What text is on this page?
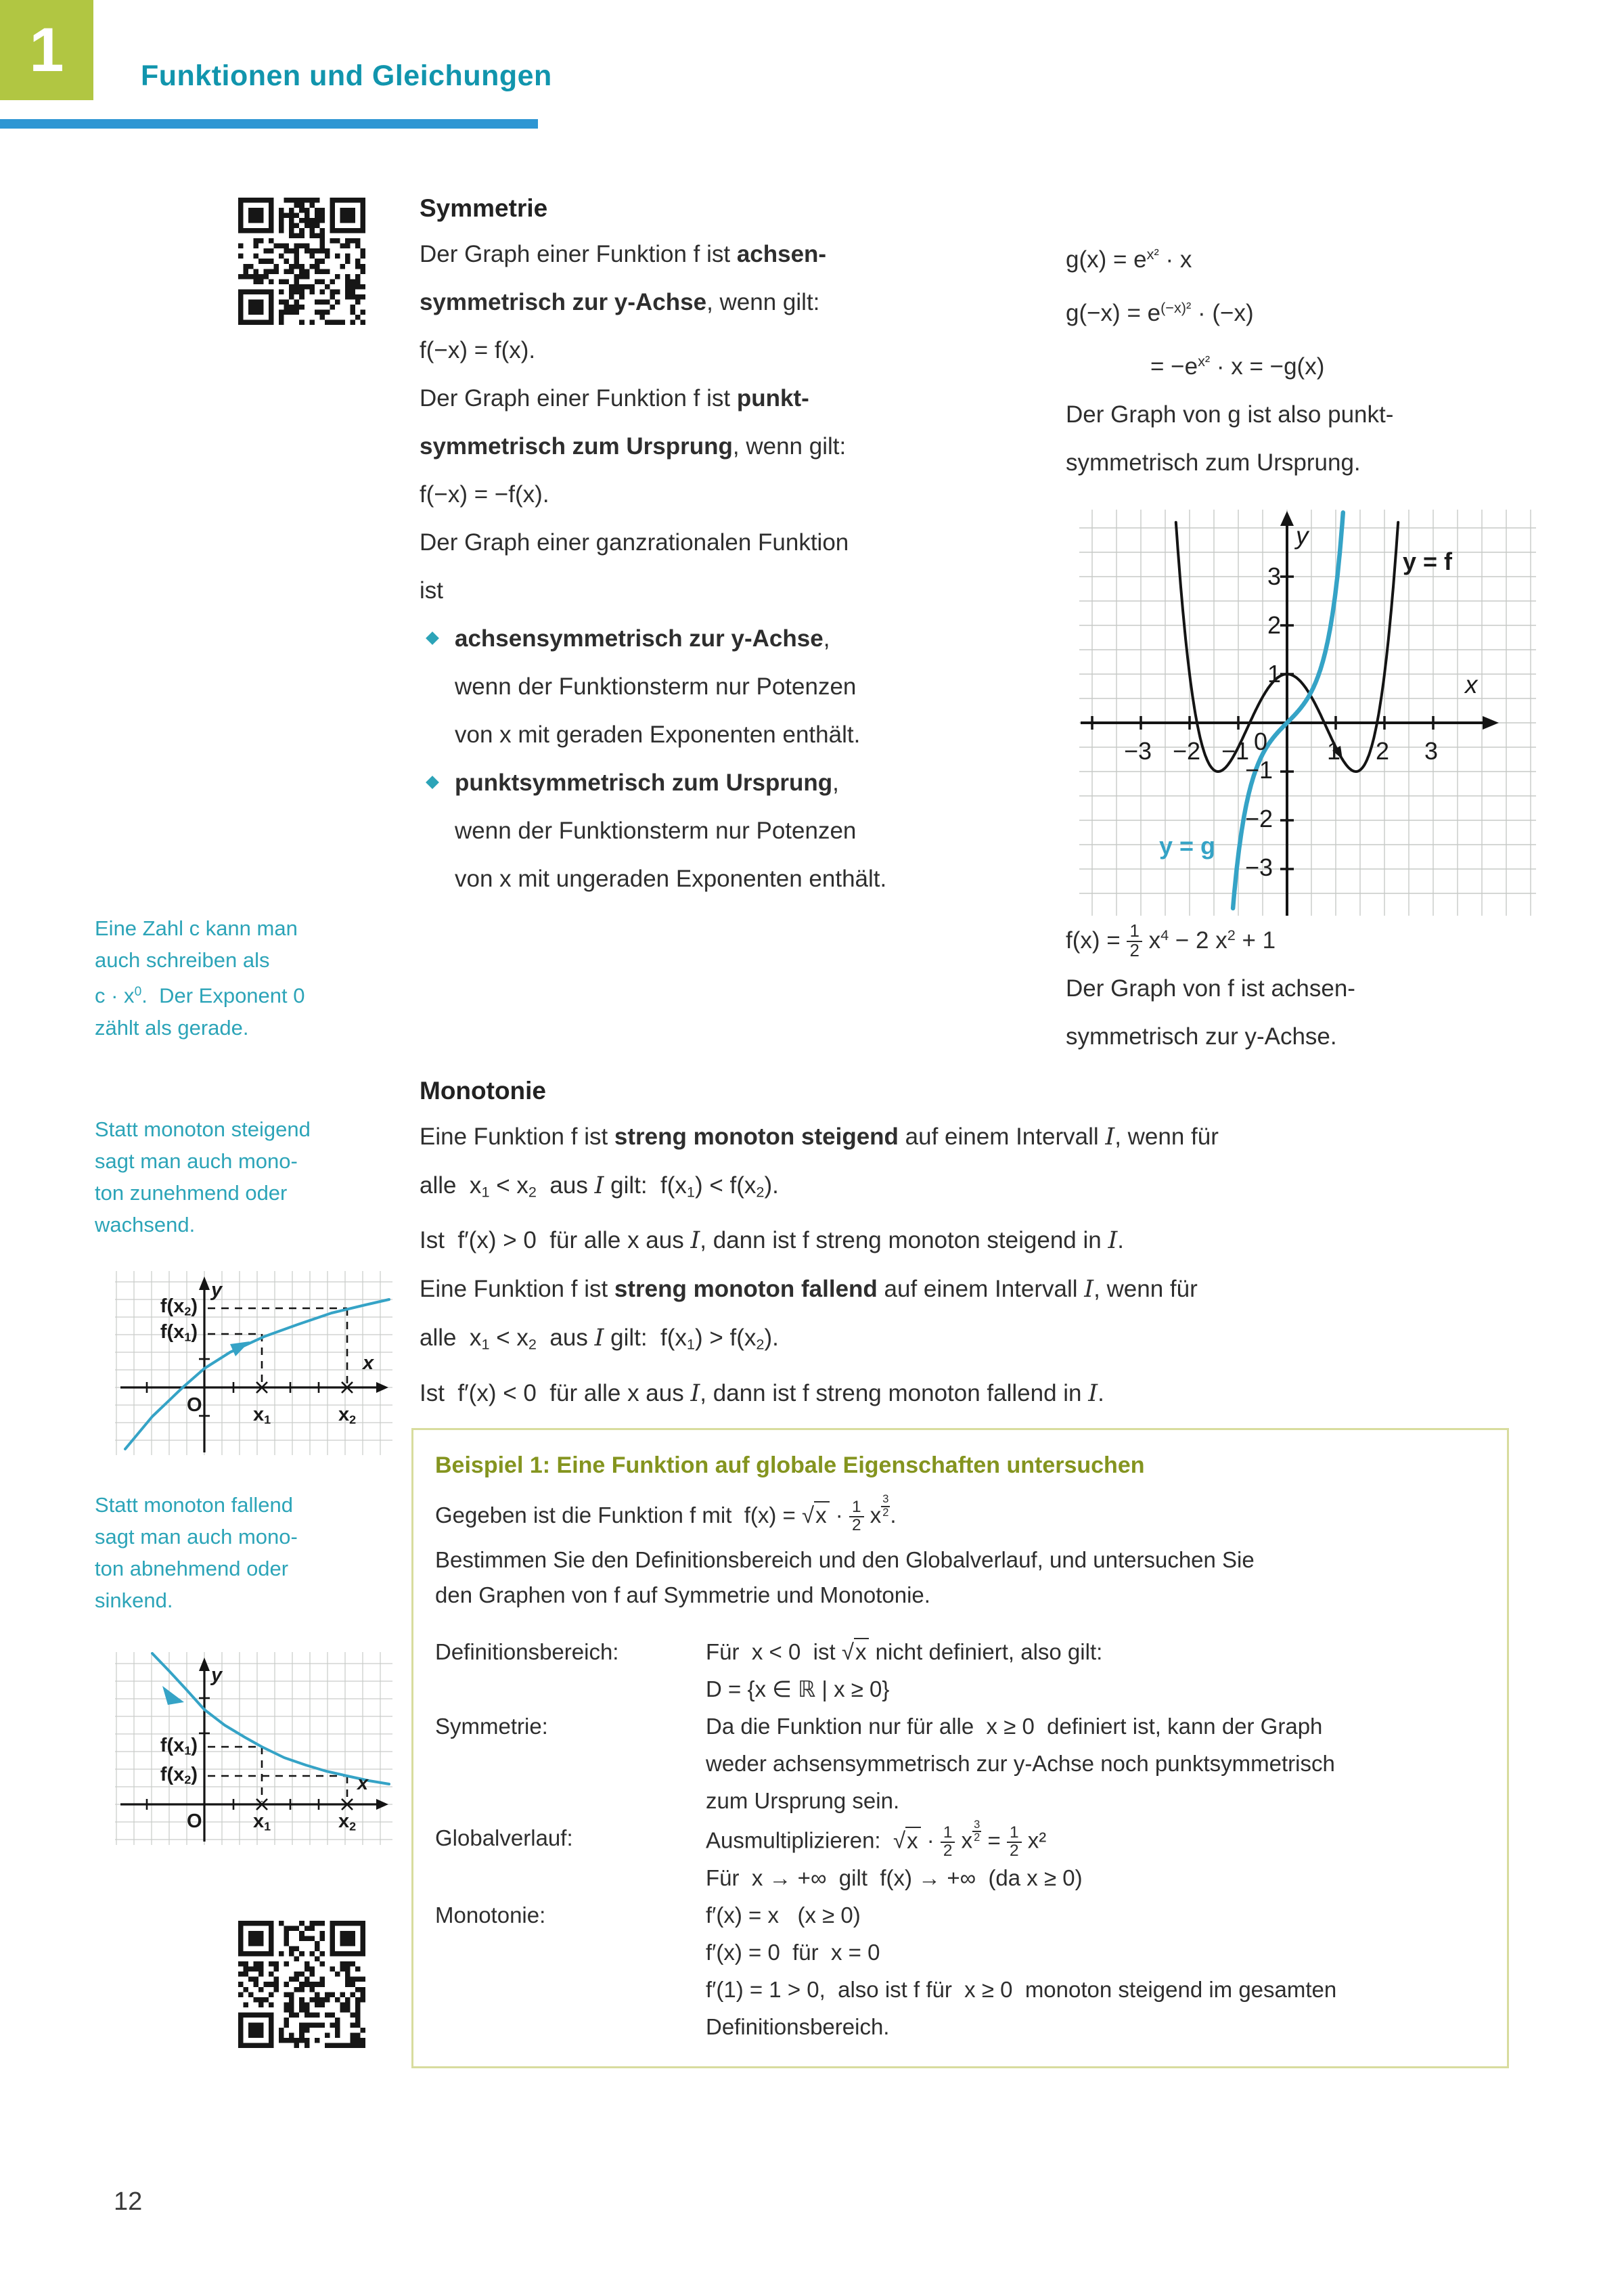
1	Funktionen und Gleichungen
Symmetrie
Der Graph einer Funktion f ist achsen-
symmetrisch zur y-Achse, wenn gilt:
f(−x) = f(x).
Der Graph einer Funktion f ist punkt-
symmetrisch zum Ursprung, wenn gilt:
f(−x) = −f(x).
Der Graph einer ganzrationalen Funktion
ist
achsensymmetrisch zur y-Achse,
wenn der Funktionsterm nur Potenzen
von x mit geraden Exponenten enthält.
punktsymmetrisch zum Ursprung,
wenn der Funktionsterm nur Potenzen
von x mit ungeraden Exponenten enthält.
$g(x) = e^{x^2} \cdot x$
$g(-x) = e^{(-x)^2} \cdot (-x)$
= $-e^{x^2} \cdot x = -g(x)$
Der Graph von g ist also punkt-
symmetrisch zum Ursprung.
y = f
y = g
x
y
0
−3 −2 −1	1 2 3
3
2
1
−1
−2
−3
$f(x) = \frac{1}{2} x^4 - 2$ $x^2 + 1$
Der Graph von f ist achsen-
symmetrisch zur y-Achse.
Eine Zahl c kann man
auch schreiben als
$c \cdot x^0$.  Der Exponent 0
zählt als gerade.
Statt monoton steigend
sagt man auch mono-
ton zunehmend oder
wachsend.
Statt monoton fallend
sagt man auch mono-
ton abnehmend oder
sinkend.
$f(x_2)$
$f(x_1)$
$x_1$	$x_2$
O
y
x
$f(x_1)$
$f(x_2)$
$x_1$	$x_2$
O
y
x
Monotonie
Eine Funktion f ist streng monoton steigend auf einem Intervall I, wenn für
alle  $x_1 < x_2$  aus I gilt:  $f(x_1) < f(x_2)$.
Ist  f′(x) > 0  für alle x aus I, dann ist f streng monoton steigend in I.
Eine Funktion f ist streng monoton fallend auf einem Intervall I, wenn für
alle  $x_1 < x_2$  aus I gilt:  $f(x_1) > f(x_2)$.
Ist  f′(x) < 0  für alle x aus I, dann ist f streng monoton fallend in I.
Beispiel 1: Eine Funktion auf globale Eigenschaften untersuchen
Gegeben ist die Funktion f mit  $f(x) = √x \cdot \frac{1}{2}$ x $^{\frac{3}{2}}$ .
Bestimmen Sie den Definitionsbereich und den Globalverlauf, und untersuchen Sie
den Graphen von f auf Symmetrie und Monotonie.
Definitionsbereich:	Für  x < 0  ist √x nicht definiert, also gilt:
D = {x ∈ ℝ | x ≥ 0}
Symmetrie:	Da die Funktion nur für alle  x ≥ 0  definiert ist, kann der Graph
weder achsensymmetrisch zur y-Achse noch punktsymmetrisch
zum Ursprung sein.
Globalverlauf:	Ausmultiplizieren:  $√x \cdot \frac{1}{2}$ x $^{\frac{3}{2}} = \frac{1}{2} x^2$
Für  x → +∞  gilt  f(x) → +∞  (da x ≥ 0)
Monotonie:	f′(x) = x   (x ≥ 0)
f′(x) = 0  für  x = 0
f′(1) = 1 > 0,  also ist f für  x ≥ 0  monoton steigend im gesamten
Definitionsbereich.
12
